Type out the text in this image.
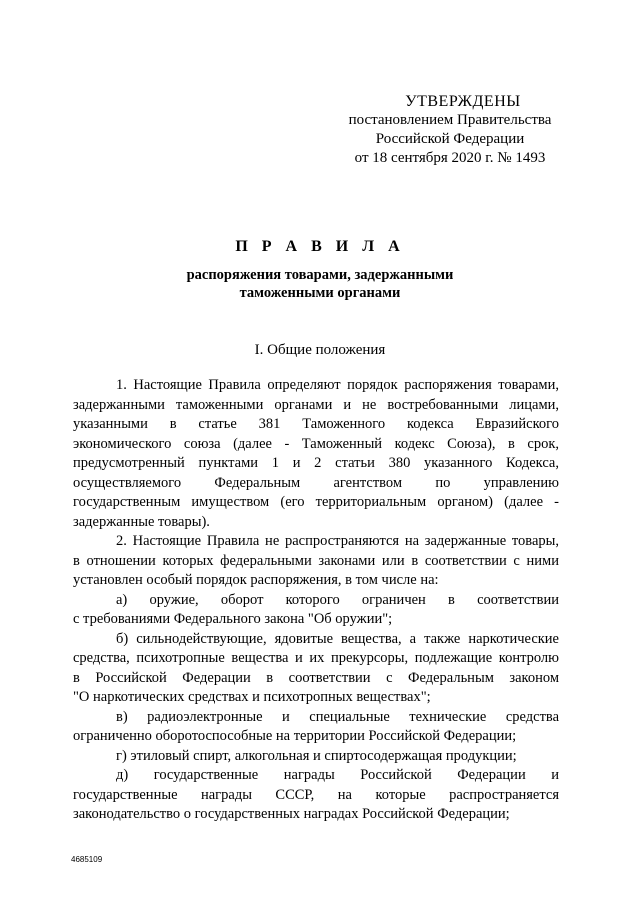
УТВЕРЖДЕНЫ
постановлением Правительства
Российской Федерации
от 18 сентября 2020 г. № 1493
П Р А В И Л А
распоряжения товарами, задержанными
таможенными органами
I. Общие положения
1. Настоящие Правила определяют порядок распоряжения товарами,
задержанными таможенными органами и не востребованными лицами,
указанными в статье 381 Таможенного кодекса Евразийского
экономического союза (далее - Таможенный кодекс Союза), в срок,
предусмотренный пунктами 1 и 2 статьи 380 указанного Кодекса,
осуществляемого Федеральным агентством по управлению
государственным имуществом (его территориальным органом) (далее -
задержанные товары).
2. Настоящие Правила не распространяются на задержанные товары,
в отношении которых федеральными законами или в соответствии с ними
установлен особый порядок распоряжения, в том числе на:
а) оружие, оборот которого ограничен в соответствии
с требованиями Федерального закона "Об оружии";
б) сильнодействующие, ядовитые вещества, а также наркотические
средства, психотропные вещества и их прекурсоры, подлежащие контролю
в Российской Федерации в соответствии с Федеральным законом
"О наркотических средствах и психотропных веществах";
в) радиоэлектронные и специальные технические средства
ограниченно оборотоспособные на территории Российской Федерации;
г) этиловый спирт, алкогольная и спиртосодержащая продукции;
д) государственные награды Российской Федерации и
государственные награды СССР, на которые распространяется
законодательство о государственных наградах Российской Федерации;
4685109
